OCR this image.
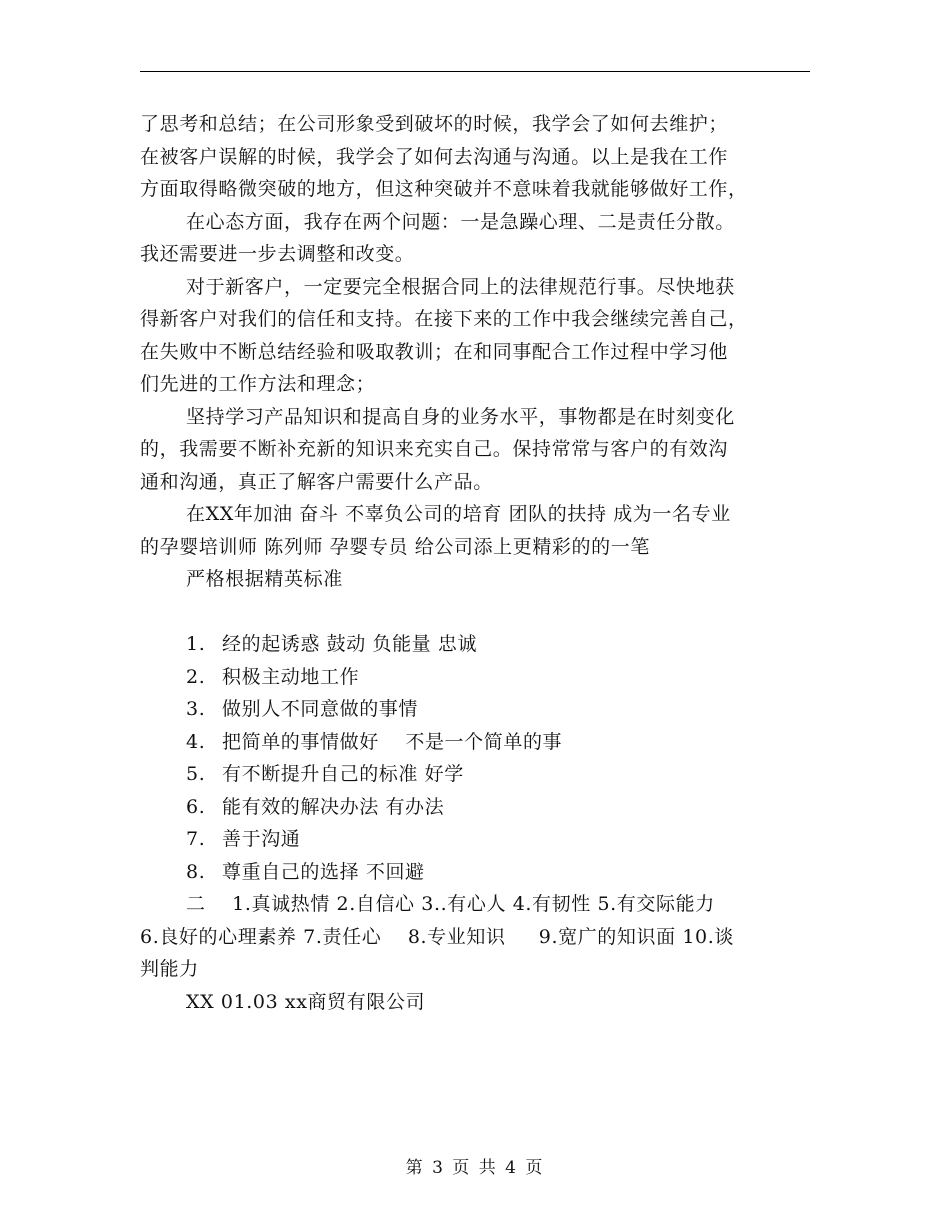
了思考和总结；在公司形象受到破坏的时候，我学会了如何去维护；
在被客户误解的时候，我学会了如何去沟通与沟通。以上是我在工作
方面取得略微突破的地方，但这种突破并不意味着我就能够做好工作，
在心态方面，我存在两个问题：一是急躁心理、二是责任分散。
我还需要进一步去调整和改变。
对于新客户，一定要完全根据合同上的法律规范行事。尽快地获
得新客户对我们的信任和支持。在接下来的工作中我会继续完善自己，
在失败中不断总结经验和吸取教训；在和同事配合工作过程中学习他
们先进的工作方法和理念；
坚持学习产品知识和提高自身的业务水平，事物都是在时刻变化
的，我需要不断补充新的知识来充实自己。保持常常与客户的有效沟
通和沟通，真正了解客户需要什么产品。
在XX年加油 奋斗 不辜负公司的培育 团队的扶持 成为一名专业
的孕婴培训师 陈列师 孕婴专员 给公司添上更精彩的的一笔
严格根据精英标准
1. 经的起诱惑 鼓动 负能量 忠诚
2. 积极主动地工作
3. 做别人不同意做的事情
4. 把简单的事情做好    不是一个简单的事
5. 有不断提升自己的标准 好学
6. 能有效的解决办法 有办法
7. 善于沟通
8. 尊重自己的选择 不回避
二    1.真诚热情 2.自信心 3..有心人 4.有韧性 5.有交际能力
6.良好的心理素养 7.责任心    8.专业知识     9.宽广的知识面 10.谈
判能力
XX 01.03 xx商贸有限公司
第 3 页 共 4 页
